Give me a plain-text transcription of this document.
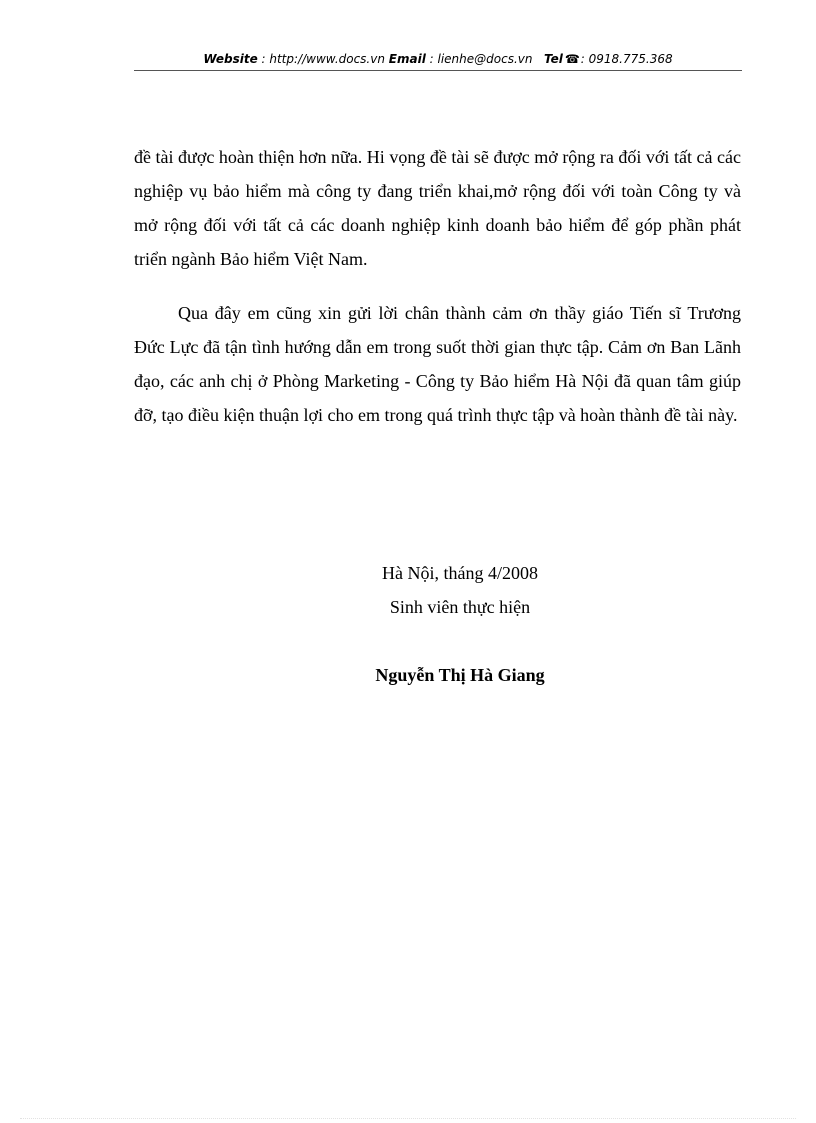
Website : http://www.docs.vn Email : lienhe@docs.vn Tel ☎: 0918.775.368

đề tài được hoàn thiện hơn nữa. Hi vọng đề tài sẽ được mở rộng ra đối với tất cả các nghiệp vụ bảo hiểm mà công ty đang triển khai,mở rộng đối với toàn Công ty và mở rộng đối với tất cả các doanh nghiệp kinh doanh bảo hiểm để góp phần phát triển ngành Bảo hiểm Việt Nam.

Qua đây em cũng xin gửi lời chân thành cảm ơn thầy giáo Tiến sĩ Trương Đức Lực đã tận tình hướng dẫn em trong suốt thời gian thực tập. Cảm ơn Ban Lãnh đạo, các anh chị ở Phòng Marketing - Công ty Bảo hiểm Hà Nội đã quan tâm giúp đỡ, tạo điều kiện thuận lợi cho em trong quá trình thực tập và hoàn thành đề tài này.

Hà Nội, tháng 4/2008
Sinh viên thực hiện
Nguyễn Thị Hà Giang
